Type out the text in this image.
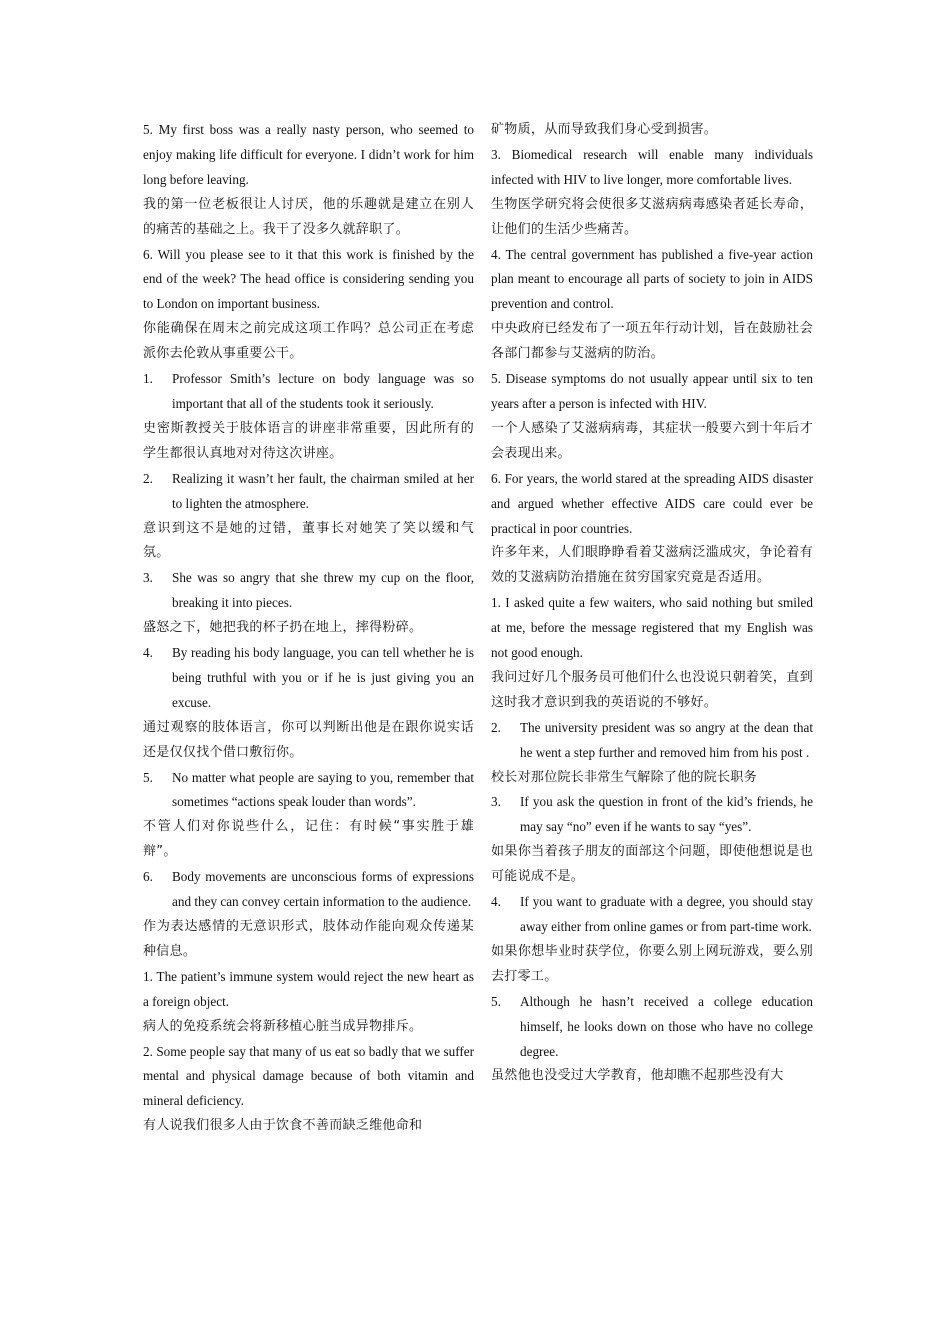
5. My first boss was a really nasty person, who seemed to enjoy making life difficult for everyone. I didn’t work for him long before leaving.

我的第一位老板很让人讨厌，他的乐趣就是建立在别人的痛苦的基础之上。我干了没多久就辞职了。

6. Will you please see to it that this work is finished by the end of the week? The head office is considering sending you to London on important business.

你能确保在周末之前完成这项工作吗？总公司正在考虑派你去伦敦从事重要公干。

1.	Professor Smith’s lecture on body language was so important that all of the students took it seriously.

史密斯教授关于肢体语言的讲座非常重要，因此所有的学生都很认真地对对待这次讲座。

2.	Realizing it wasn’t her fault, the chairman smiled at her to lighten the atmosphere.

意识到这不是她的过错，董事长对她笑了笑以缓和气氛。

3.	She was so angry that she threw my cup on the floor, breaking it into pieces.

盛怒之下，她把我的杯子扔在地上，摔得粉碎。

4.	By reading his body language, you can tell whether he is being truthful with you or if he is just giving you an excuse.

通过观察的肢体语言，你可以判断出他是在跟你说实话还是仅仅找个借口敷衍你。

5.	No matter what people are saying to you, remember that sometimes “actions speak louder than words”.

不管人们对你说些什么，记住：有时候“事实胜于雄辩”。

6.	Body movements are unconscious forms of expressions and they can convey certain information to the audience.

作为表达感情的无意识形式，肢体动作能向观众传递某种信息。

1. The patient’s immune system would reject the new heart as a foreign object.

病人的免疫系统会将新移植心脏当成异物排斥。

2. Some people say that many of us eat so badly that we suffer mental and physical damage because of both vitamin and mineral deficiency.

有人说我们很多人由于饮食不善而缺乏维他命和

矿物质，从而导致我们身心受到损害。

3. Biomedical research will enable many individuals infected with HIV to live longer, more comfortable lives.

生物医学研究将会使很多艾滋病病毒感染者延长寿命，让他们的生活少些痛苦。

4. The central government has published a five-year action plan meant to encourage all parts of society to join in AIDS prevention and control.

中央政府已经发布了一项五年行动计划，旨在鼓励社会各部门都参与艾滋病的防治。

5. Disease symptoms do not usually appear until six to ten years after a person is infected with HIV.

一个人感染了艾滋病病毒，其症状一般要六到十年后才会表现出来。

6. For years, the world stared at the spreading AIDS disaster and argued whether effective AIDS care could ever be practical in poor countries.

许多年来，人们眼睁睁看着艾滋病泛滥成灾，争论着有效的艾滋病防治措施在贫穷国家究竟是否适用。

1. I asked quite a few waiters, who said nothing but smiled at me, before the message registered that my English was not good enough.

我问过好几个服务员可他们什么也没说只朝着笑，直到这时我才意识到我的英语说的不够好。

2.	The university president was so angry at the dean that he went a step further and removed him from his post .

校长对那位院长非常生气解除了他的院长职务

3.	If you ask the question in front of the kid’s friends, he may say “no” even if he wants to say “yes”.

如果你当着孩子朋友的面部这个问题，即使他想说是也可能说成不是。

4.	If you want to graduate with a degree, you should stay away either from online games or from part-time work.

如果你想毕业时获学位，你要么别上网玩游戏，要么别去打零工。

5.	Although he hasn’t received a college education himself, he looks down on those who have no college degree.

虽然他也没受过大学教育，他却瞧不起那些没有大
